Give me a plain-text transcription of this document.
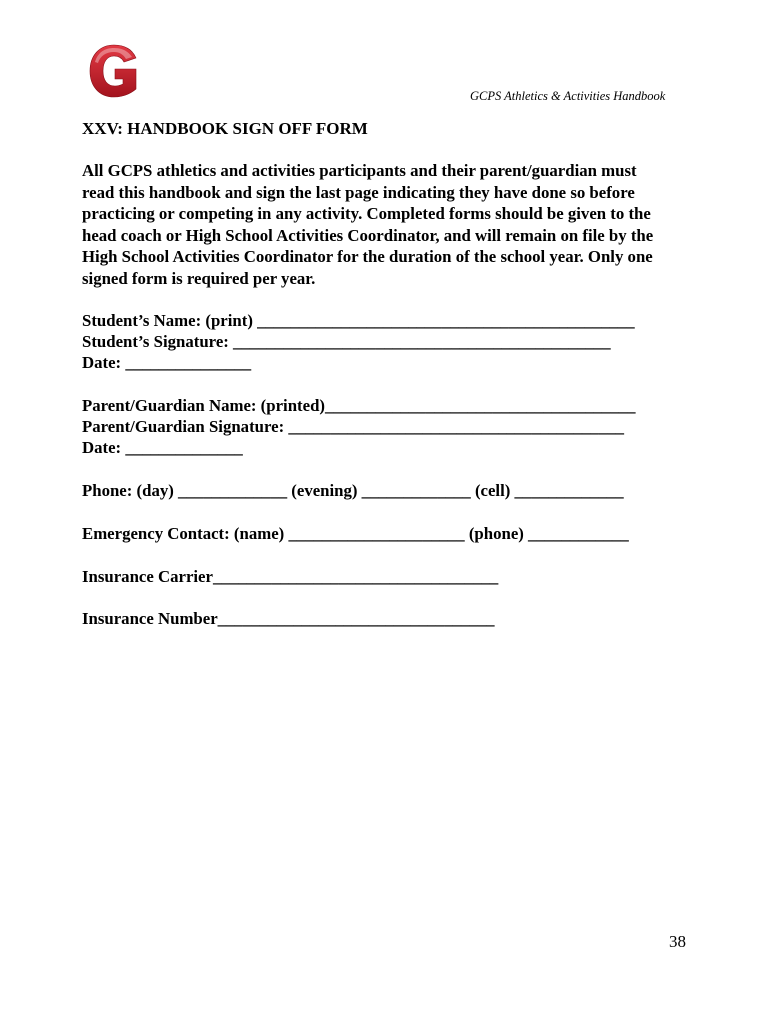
GCPS Athletics & Activities Handbook
XXV: HANDBOOK SIGN OFF FORM
All GCPS athletics and activities participants and their parent/guardian must
read this handbook and sign the last page indicating they have done so before
practicing or competing in any activity. Completed forms should be given to the
head coach or High School Activities Coordinator, and will remain on file by the
High School Activities Coordinator for the duration of the school year. Only one
signed form is required per year.
Student’s Name: (print) _____________________________________________
Student’s Signature: _____________________________________________
Date: _______________
Parent/Guardian Name: (printed)_____________________________________
Parent/Guardian Signature: ________________________________________
Date: ______________
Phone: (day) _____________ (evening) _____________ (cell) _____________
Emergency Contact: (name) _____________________ (phone) ____________
Insurance Carrier__________________________________
Insurance Number_________________________________
38
